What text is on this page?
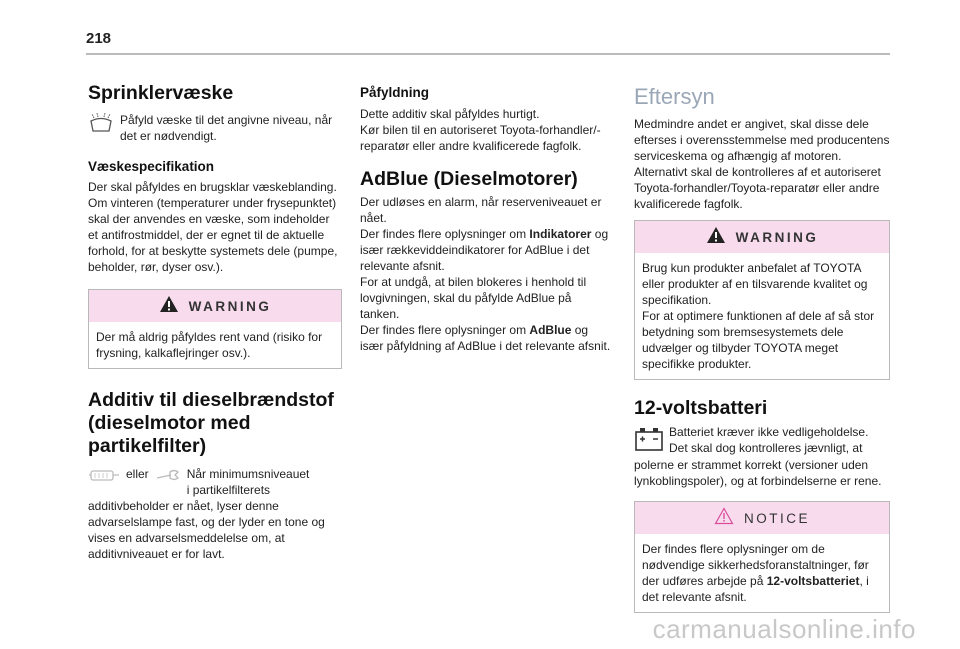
218
Sprinklervæske
Påfyld væske til det angivne niveau, når det er nødvendigt.
Væskespecifikation
Der skal påfyldes en brugsklar væskeblanding. Om vinteren (temperaturer under frysepunktet) skal der anvendes en væske, som indeholder et antifrostmiddel, der er egnet til de aktuelle forhold, for at beskytte systemets dele (pumpe, beholder, rør, dyser osv.).
WARNING
Der må aldrig påfyldes rent vand (risiko for frysning, kalkaflejringer osv.).
Additiv til dieselbrændstof (dieselmotor med partikelfilter)
eller	Når minimumsniveauet i partikelfilterets
additivbeholder er nået, lyser denne advarselslampe fast, og der lyder en tone og vises en advarselsmeddelelse om, at additivniveauet er for lavt.
Påfyldning
Dette additiv skal påfyldes hurtigt.
Kør bilen til en autoriseret Toyota-forhandler/-reparatør eller andre kvalificerede fagfolk.
AdBlue (Dieselmotorer)
Der udløses en alarm, når reserveniveauet er nået.
Der findes flere oplysninger om Indikatorer og især rækkeviddeindikatorer for AdBlue i det relevante afsnit.
For at undgå, at bilen blokeres i henhold til lovgivningen, skal du påfylde AdBlue på tanken.
Der findes flere oplysninger om AdBlue og især påfyldning af AdBlue i det relevante afsnit.
Eftersyn
Medmindre andet er angivet, skal disse dele efterses i overensstemmelse med producentens serviceskema og afhængig af motoren.
Alternativt skal de kontrolleres af et autoriseret Toyota-forhandler/Toyota-reparatør eller andre kvalificerede fagfolk.
WARNING
Brug kun produkter anbefalet af TOYOTA eller produkter af en tilsvarende kvalitet og specifikation.
For at optimere funktionen af dele af så stor betydning som bremsesystemets dele udvælger og tilbyder TOYOTA meget specifikke produkter.
12-voltsbatteri
Batteriet kræver ikke vedligeholdelse. Det skal dog kontrolleres jævnligt, at
polerne er strammet korrekt (versioner uden lynkoblingspoler), og at forbindelserne er rene.
NOTICE
Der findes flere oplysninger om de nødvendige sikkerhedsforanstaltninger, før der udføres arbejde på 12-voltsbatteriet, i det relevante afsnit.
carmanualsonline.info
